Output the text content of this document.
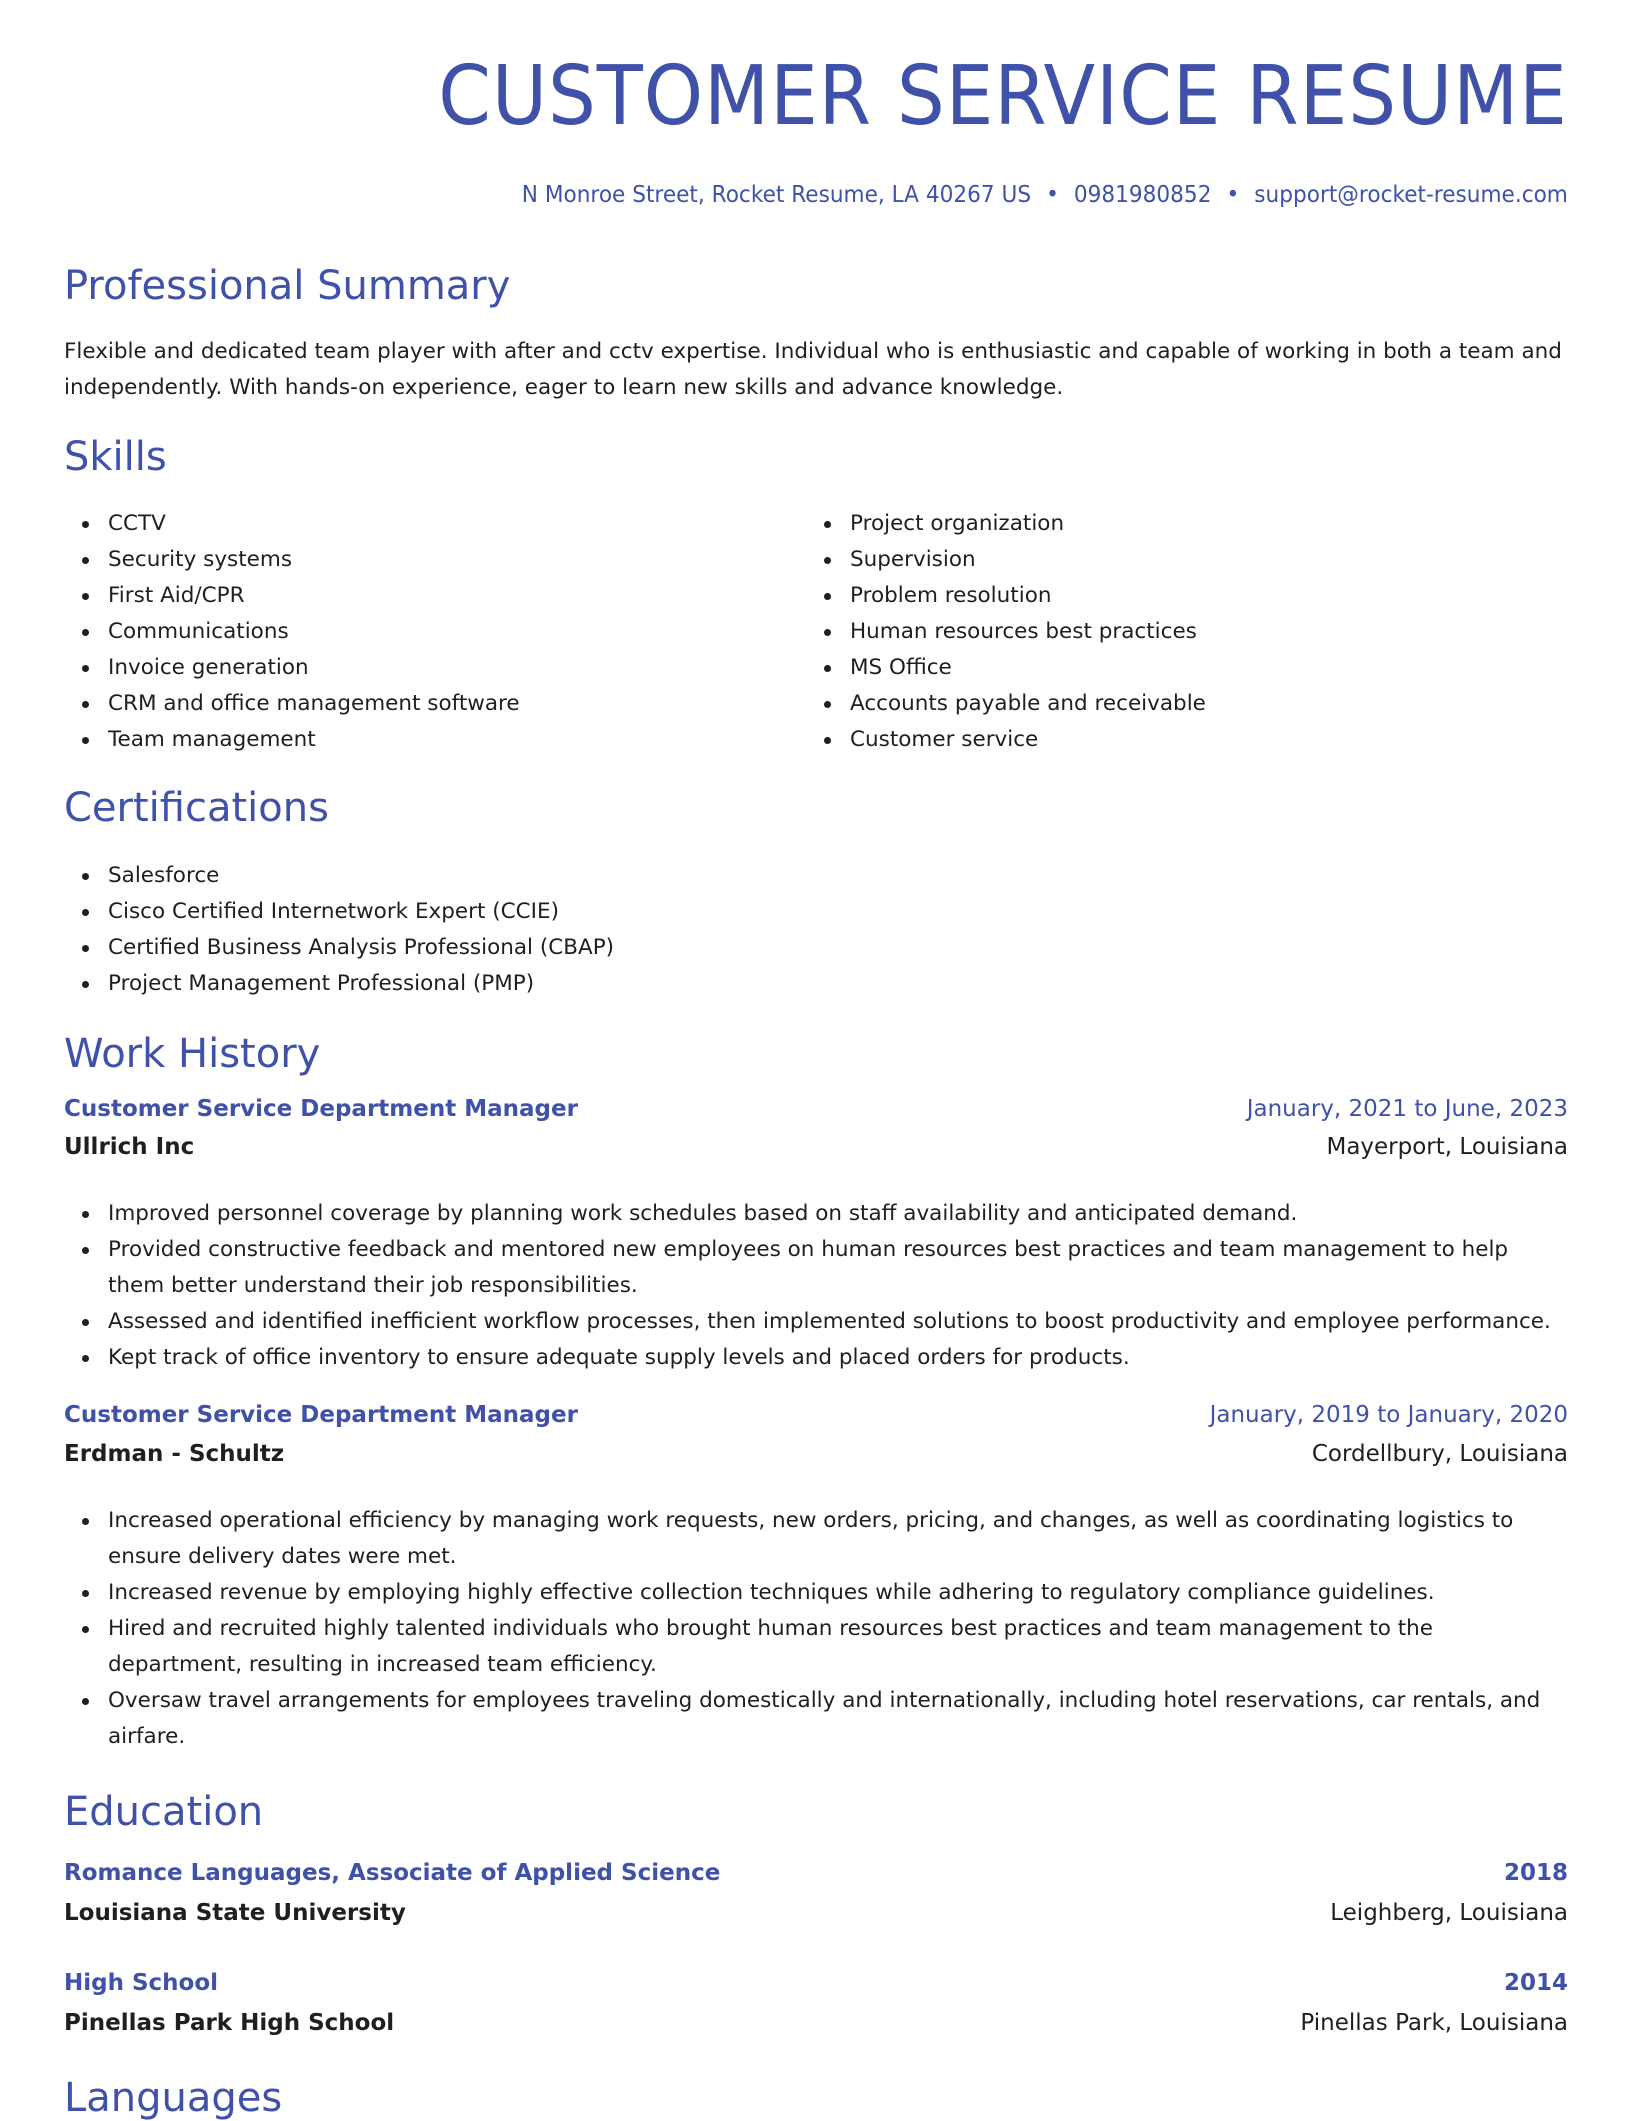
CUSTOMER SERVICE RESUME
N Monroe Street, Rocket Resume, LA 40267 US • 0981980852 • support@rocket-resume.com
Professional Summary

Flexible and dedicated team player with after and cctv expertise. Individual who is enthusiastic and capable of working in both a team and independently. With hands-on experience, eager to learn new skills and advance knowledge.

Skills
CCTV
Security systems
First Aid/CPR
Communications
Invoice generation
CRM and office management software
Team management
Project organization
Supervision
Problem resolution
Human resources best practices
MS Office
Accounts payable and receivable
Customer service
Certifications
Salesforce
Cisco Certified Internetwork Expert (CCIE)
Certified Business Analysis Professional (CBAP)
Project Management Professional (PMP)
Work History
Customer Service Department Manager	January, 2021 to June, 2023
Ullrich Inc	Mayerport, Louisiana
Improved personnel coverage by planning work schedules based on staff availability and anticipated demand.
Provided constructive feedback and mentored new employees on human resources best practices and team management to help them better understand their job responsibilities.
Assessed and identified inefficient workflow processes, then implemented solutions to boost productivity and employee performance.
Kept track of office inventory to ensure adequate supply levels and placed orders for products.
Customer Service Department Manager	January, 2019 to January, 2020
Erdman - Schultz	Cordellbury, Louisiana
Increased operational efficiency by managing work requests, new orders, pricing, and changes, as well as coordinating logistics to ensure delivery dates were met.
Increased revenue by employing highly effective collection techniques while adhering to regulatory compliance guidelines.
Hired and recruited highly talented individuals who brought human resources best practices and team management to the department, resulting in increased team efficiency.
Oversaw travel arrangements for employees traveling domestically and internationally, including hotel reservations, car rentals, and airfare.
Education
Romance Languages, Associate of Applied Science	2018
Louisiana State University	Leighberg, Louisiana
High School	2014
Pinellas Park High School	Pinellas Park, Louisiana
Languages
